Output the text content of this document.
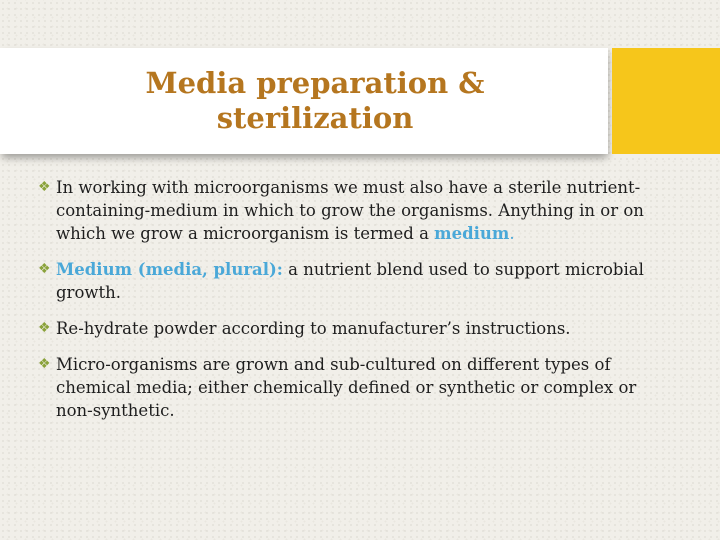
Media preparation &
sterilization
❖ In working with microorganisms we must also have a sterile nutrient-containing-medium in which to grow the organisms. Anything in or on which we grow a microorganism is termed a medium.
❖ Medium (media, plural): a nutrient blend used to support microbial growth.
❖ Re-hydrate powder according to manufacturer’s instructions.
❖ Micro-organisms are grown and sub-cultured on different types of chemical media; either chemically defined or synthetic or complex or non-synthetic.
